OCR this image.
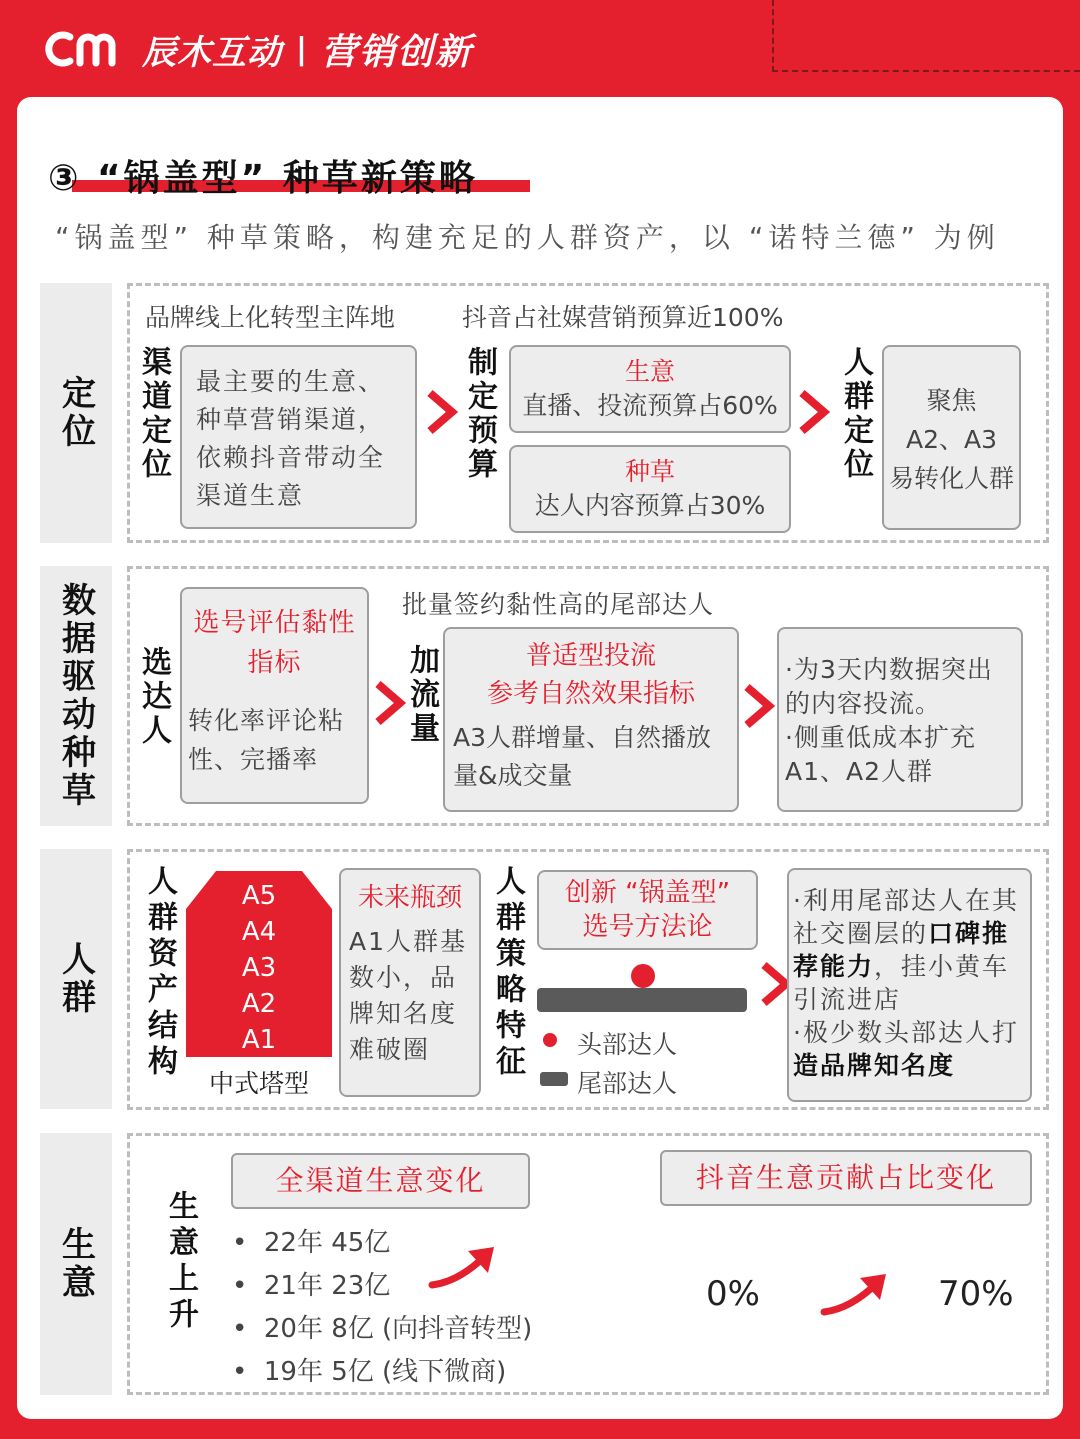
辰木互动 | 营销创新
③ “锅盖型” 种草新策略
“锅盖型” 种草策略，构建充足的人群资产，以 “诺特兰德” 为例
定位
品牌线上化转型主阵地	抖音占社媒营销预算近100%
渠道定位	最主要的生意、种草营销渠道，依赖抖音带动全渠道生意
制定预算	生意
直播、投流预算占60%
种草
达人内容预算占30%
人群定位	聚焦
A2、A3
易转化人群
数据驱动种草 选达人
选号评估黏性指标
转化率评论粘性、完播率
批量签约黏性高的尾部达人
加流量	普适型投流
参考自然效果指标
A3人群增量、自然播放量&成交量
·为3天内数据突出的内容投流。
·侧重低成本扩充A1、A2人群
人群 人群资产结构	A5
A4
A3
A2
A1
中式塔型
未来瓶颈
A1人群基数小，品牌知名度难破圈	人群策略特征	创新 “锅盖型”
选号方法论
头部达人
尾部达人
·利用尾部达人在其社交圈层的口碑推荐能力，挂小黄车引流进店
·极少数头部达人打造品牌知名度
生意 生意上升
全渠道生意变化
•  22年 45亿
•  21年 23亿
•  20年 8亿 (向抖音转型)
•  19年 5亿 (线下微商)
抖音生意贡献占比变化
0%	70%
